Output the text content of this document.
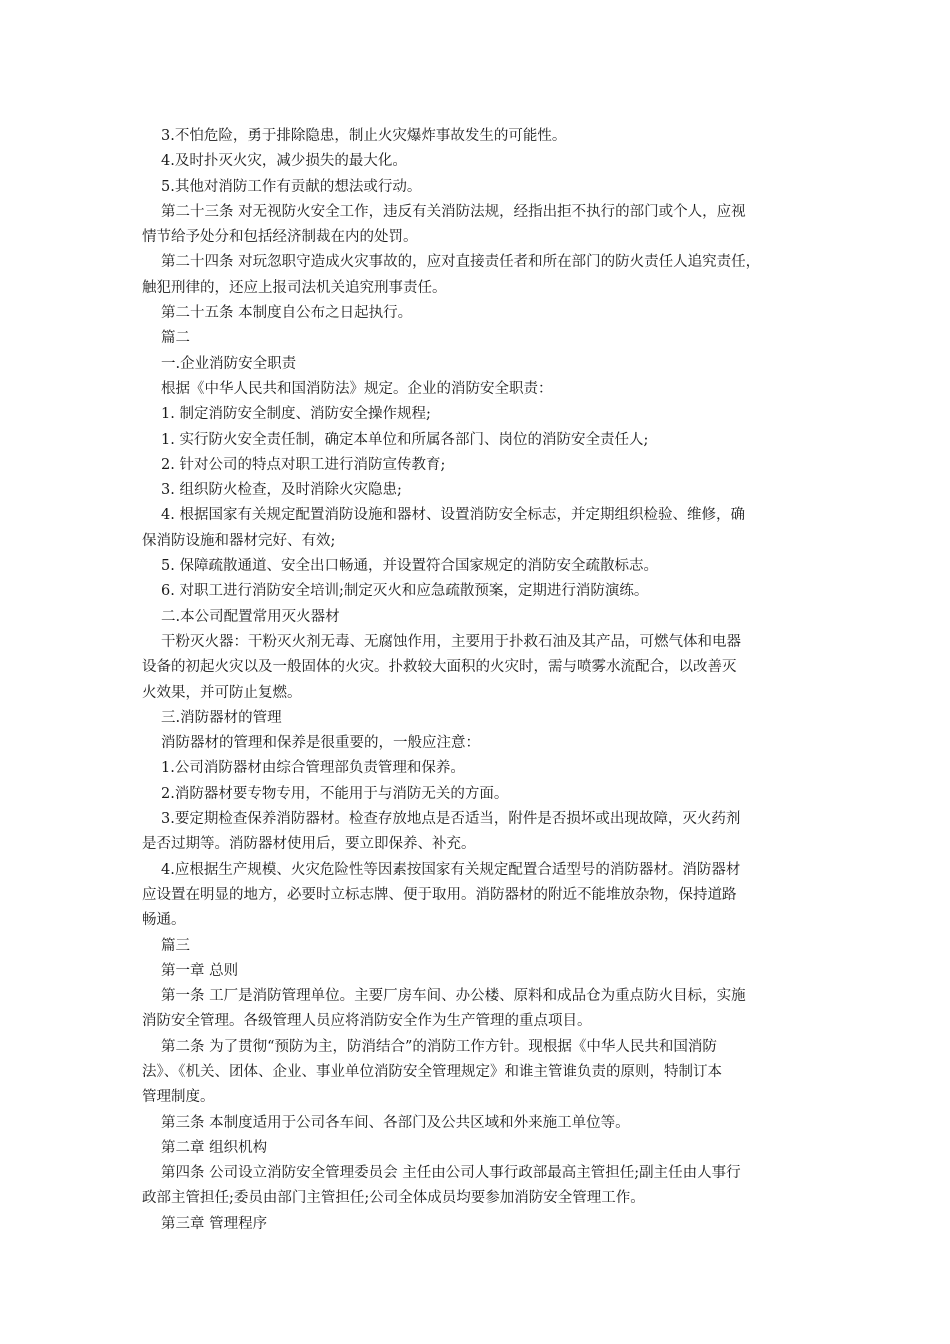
3.不怕危险，勇于排除隐患，制止火灾爆炸事故发生的可能性。
4.及时扑灭火灾，减少损失的最大化。
5.其他对消防工作有贡献的想法或行动。
第二十三条 对无视防火安全工作，违反有关消防法规，经指出拒不执行的部门或个人，应视
情节给予处分和包括经济制裁在内的处罚。
第二十四条 对玩忽职守造成火灾事故的，应对直接责任者和所在部门的防火责任人追究责任，
触犯刑律的，还应上报司法机关追究刑事责任。
第二十五条 本制度自公布之日起执行。
篇二
一.企业消防安全职责
根据《中华人民共和国消防法》规定。企业的消防安全职责：
1. 制定消防安全制度、消防安全操作规程;
1. 实行防火安全责任制，确定本单位和所属各部门、岗位的消防安全责任人;
2. 针对公司的特点对职工进行消防宣传教育;
3. 组织防火检查，及时消除火灾隐患;
4. 根据国家有关规定配置消防设施和器材、设置消防安全标志，并定期组织检验、维修，确
保消防设施和器材完好、有效;
5. 保障疏散通道、安全出口畅通，并设置符合国家规定的消防安全疏散标志。
6. 对职工进行消防安全培训;制定灭火和应急疏散预案，定期进行消防演练。
二.本公司配置常用灭火器材
干粉灭火器：干粉灭火剂无毒、无腐蚀作用，主要用于扑救石油及其产品，可燃气体和电器
设备的初起火灾以及一般固体的火灾。扑救较大面积的火灾时，需与喷雾水流配合，以改善灭
火效果，并可防止复燃。
三.消防器材的管理
消防器材的管理和保养是很重要的，一般应注意：
1.公司消防器材由综合管理部负责管理和保养。
2.消防器材要专物专用，不能用于与消防无关的方面。
3.要定期检查保养消防器材。检查存放地点是否适当，附件是否损坏或出现故障，灭火药剂
是否过期等。消防器材使用后，要立即保养、补充。
4.应根据生产规模、火灾危险性等因素按国家有关规定配置合适型号的消防器材。消防器材
应设置在明显的地方，必要时立标志牌、便于取用。消防器材的附近不能堆放杂物，保持道路
畅通。
篇三
第一章 总则
第一条 工厂是消防管理单位。主要厂房车间、办公楼、原料和成品仓为重点防火目标，实施
消防安全管理。各级管理人员应将消防安全作为生产管理的重点项目。
第二条 为了贯彻“预防为主，防消结合”的消防工作方针。现根据《中华人民共和国消防
法》、《机关、团体、企业、事业单位消防安全管理规定》和谁主管谁负责的原则，特制订本
管理制度。
第三条 本制度适用于公司各车间、各部门及公共区域和外来施工单位等。
第二章 组织机构
第四条 公司设立消防安全管理委员会 主任由公司人事行政部最高主管担任;副主任由人事行
政部主管担任;委员由部门主管担任;公司全体成员均要参加消防安全管理工作。
第三章 管理程序
